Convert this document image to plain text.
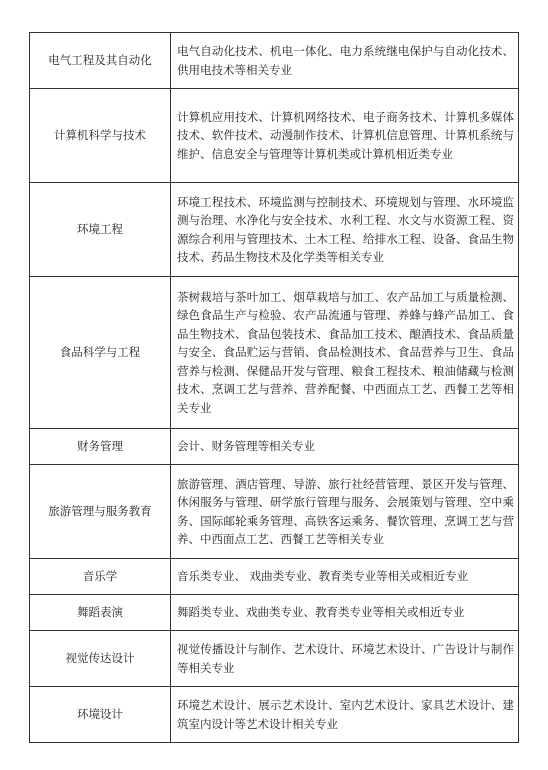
电气工程及其自动化	电气自动化技术、机电一体化、电力系统继电保护与自动化技术、供用电技术等相关专业
计算机科学与技术	计算机应用技术、计算机网络技术、电子商务技术、计算机多媒体技术、软件技术、动漫制作技术、计算机信息管理、计算机系统与维护、信息安全与管理等计算机类或计算机相近类专业
环境工程	环境工程技术、环境监测与控制技术、环境规划与管理、水环境监测与治理、水净化与安全技术、水利工程、水文与水资源工程、资源综合利用与管理技术、土木工程、给排水工程、设备、食品生物技术、药品生物技术及化学类等相关专业
食品科学与工程	茶树栽培与茶叶加工、烟草栽培与加工、农产品加工与质量检测、绿色食品生产与检验、农产品流通与管理、养蜂与蜂产品加工、食品生物技术、食品包装技术、食品加工技术、酿酒技术、食品质量与安全、食品贮运与营销、食品检测技术、食品营养与卫生、食品营养与检测、保健品开发与管理、粮食工程技术、粮油储藏与检测技术、烹调工艺与营养、营养配餐、中西面点工艺、西餐工艺等相关专业
财务管理	会计、财务管理等相关专业
旅游管理与服务教育	旅游管理、酒店管理、导游、旅行社经营管理、景区开发与管理、休闲服务与管理、研学旅行管理与服务、会展策划与管理、空中乘务、国际邮轮乘务管理、高铁客运乘务、餐饮管理、烹调工艺与营养、中西面点工艺、西餐工艺等相关专业
音乐学	音乐类专业、 戏曲类专业、教育类专业等相关或相近专业
舞蹈表演	舞蹈类专业、戏曲类专业、教育类专业等相关或相近专业
视觉传达设计	视觉传播设计与制作、艺术设计、环境艺术设计、广告设计与制作等相关专业
环境设计	环境艺术设计、展示艺术设计、室内艺术设计、家具艺术设计、建筑室内设计等艺术设计相关专业
